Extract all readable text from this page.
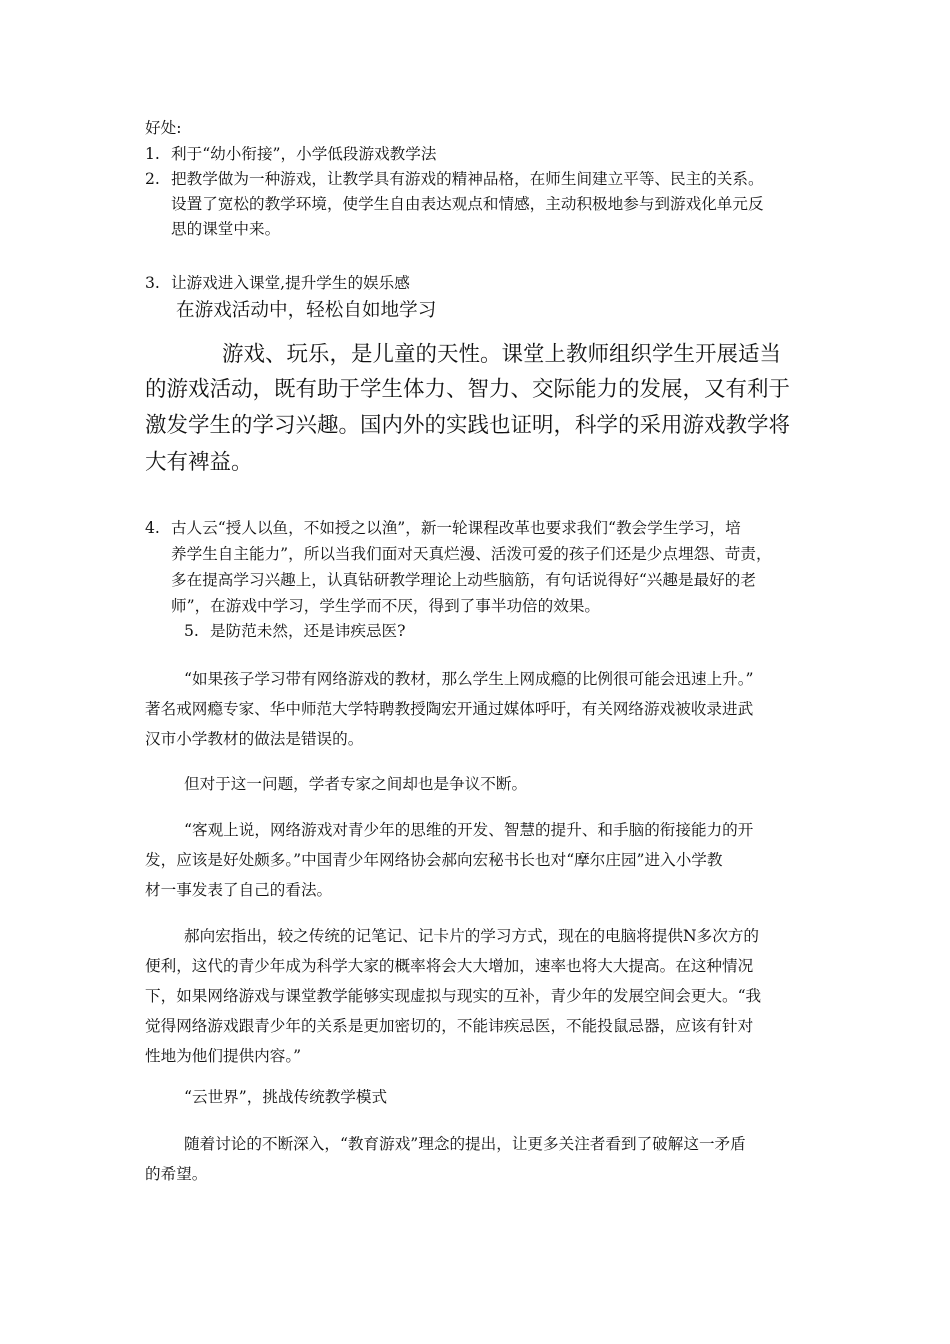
好处:
1. 利于“幼小衔接”，小学低段游戏教学法
2. 把教学做为一种游戏，让教学具有游戏的精神品格，在师生间建立平等、民主的关系。
设置了宽松的教学环境，使学生自由表达观点和情感，主动积极地参与到游戏化单元反
思的课堂中来。
3. 让游戏进入课堂,提升学生的娱乐感
在游戏活动中，轻松自如地学习
游戏、玩乐，是儿童的天性。课堂上教师组织学生开展适当
的游戏活动，既有助于学生体力、智力、交际能力的发展，又有利于
激发学生的学习兴趣。国内外的实践也证明，科学的采用游戏教学将
大有裨益。
4. 古人云“授人以鱼，不如授之以渔”，新一轮课程改革也要求我们“教会学生学习，培
养学生自主能力”，所以当我们面对天真烂漫、活泼可爱的孩子们还是少点埋怨、苛责，
多在提高学习兴趣上，认真钻研教学理论上动些脑筋，有句话说得好“兴趣是最好的老
师”，在游戏中学习，学生学而不厌，得到了事半功倍的效果。
5. 是防范未然，还是讳疾忌医?
“如果孩子学习带有网络游戏的教材，那么学生上网成瘾的比例很可能会迅速上升。”
著名戒网瘾专家、华中师范大学特聘教授陶宏开通过媒体呼吁，有关网络游戏被收录进武
汉市小学教材的做法是错误的。
但对于这一问题，学者专家之间却也是争议不断。
“客观上说，网络游戏对青少年的思维的开发、智慧的提升、和手脑的衔接能力的开
发，应该是好处颇多。”中国青少年网络协会郝向宏秘书长也对“摩尔庄园”进入小学教
材一事发表了自己的看法。
郝向宏指出，较之传统的记笔记、记卡片的学习方式，现在的电脑将提供N多次方的
便利，这代的青少年成为科学大家的概率将会大大增加，速率也将大大提高。在这种情况
下，如果网络游戏与课堂教学能够实现虚拟与现实的互补，青少年的发展空间会更大。“我
觉得网络游戏跟青少年的关系是更加密切的，不能讳疾忌医，不能投鼠忌器，应该有针对
性地为他们提供内容。”
“云世界”，挑战传统教学模式
随着讨论的不断深入，“教育游戏”理念的提出，让更多关注者看到了破解这一矛盾
的希望。
